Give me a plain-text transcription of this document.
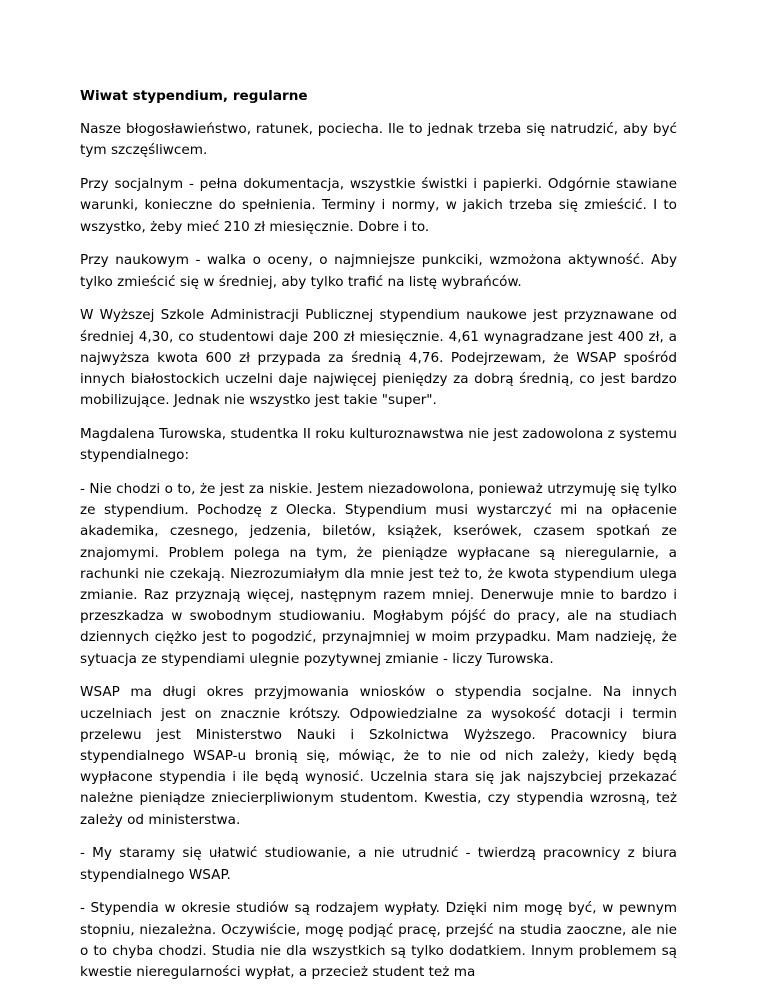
Wiwat stypendium, regularne

Nasze błogosławieństwo, ratunek, pociecha. Ile to jednak trzeba się natrudzić, aby być tym szczęśliwcem.

Przy socjalnym - pełna dokumentacja, wszystkie świstki i papierki. Odgórnie stawiane warunki, konieczne do spełnienia. Terminy i normy, w jakich trzeba się zmieścić. I to wszystko, żeby mieć 210 zł miesięcznie. Dobre i to.

Przy naukowym - walka o oceny, o najmniejsze punkciki, wzmożona aktywność. Aby tylko zmieścić się w średniej, aby tylko trafić na listę wybrańców.

W Wyższej Szkole Administracji Publicznej stypendium naukowe jest przyznawane od średniej 4,30, co studentowi daje 200 zł miesięcznie. 4,61 wynagradzane jest 400 zł, a najwyższa kwota 600 zł przypada za średnią 4,76. Podejrzewam, że WSAP spośród innych białostockich uczelni daje najwięcej pieniędzy za dobrą średnią, co jest bardzo mobilizujące. Jednak nie wszystko jest takie "super".

Magdalena Turowska, studentka II roku kulturoznawstwa nie jest zadowolona z systemu stypendialnego:

- Nie chodzi o to, że jest za niskie. Jestem niezadowolona, ponieważ utrzymuję się tylko ze stypendium. Pochodzę z Olecka. Stypendium musi wystarczyć mi na opłacenie akademika, czesnego, jedzenia, biletów, książek, kserówek, czasem spotkań ze znajomymi. Problem polega na tym, że pieniądze wypłacane są nieregularnie, a rachunki nie czekają. Niezrozumiałym dla mnie jest też to, że kwota stypendium ulega zmianie. Raz przyznają więcej, następnym razem mniej. Denerwuje mnie to bardzo i przeszkadza w swobodnym studiowaniu. Mogłabym pójść do pracy, ale na studiach dziennych ciężko jest to pogodzić, przynajmniej w moim przypadku. Mam nadzieję, że sytuacja ze stypendiami ulegnie pozytywnej zmianie - liczy Turowska.

WSAP ma długi okres przyjmowania wniosków o stypendia socjalne. Na innych uczelniach jest on znacznie krótszy. Odpowiedzialne za wysokość dotacji i termin przelewu jest Ministerstwo Nauki i Szkolnictwa Wyższego. Pracownicy biura stypendialnego WSAP-u bronią się, mówiąc, że to nie od nich zależy, kiedy będą wypłacone stypendia i ile będą wynosić. Uczelnia stara się jak najszybciej przekazać należne pieniądze zniecierpliwionym studentom. Kwestia, czy stypendia wzrosną, też zależy od ministerstwa.

- My staramy się ułatwić studiowanie, a nie utrudnić - twierdzą pracownicy z biura stypendialnego WSAP.

- Stypendia w okresie studiów są rodzajem wypłaty. Dzięki nim mogę być, w pewnym stopniu, niezależna. Oczywiście, mogę podjąć pracę, przejść na studia zaoczne, ale nie o to chyba chodzi. Studia nie dla wszystkich są tylko dodatkiem. Innym problemem są kwestie nieregularności wypłat, a przecież student też ma
